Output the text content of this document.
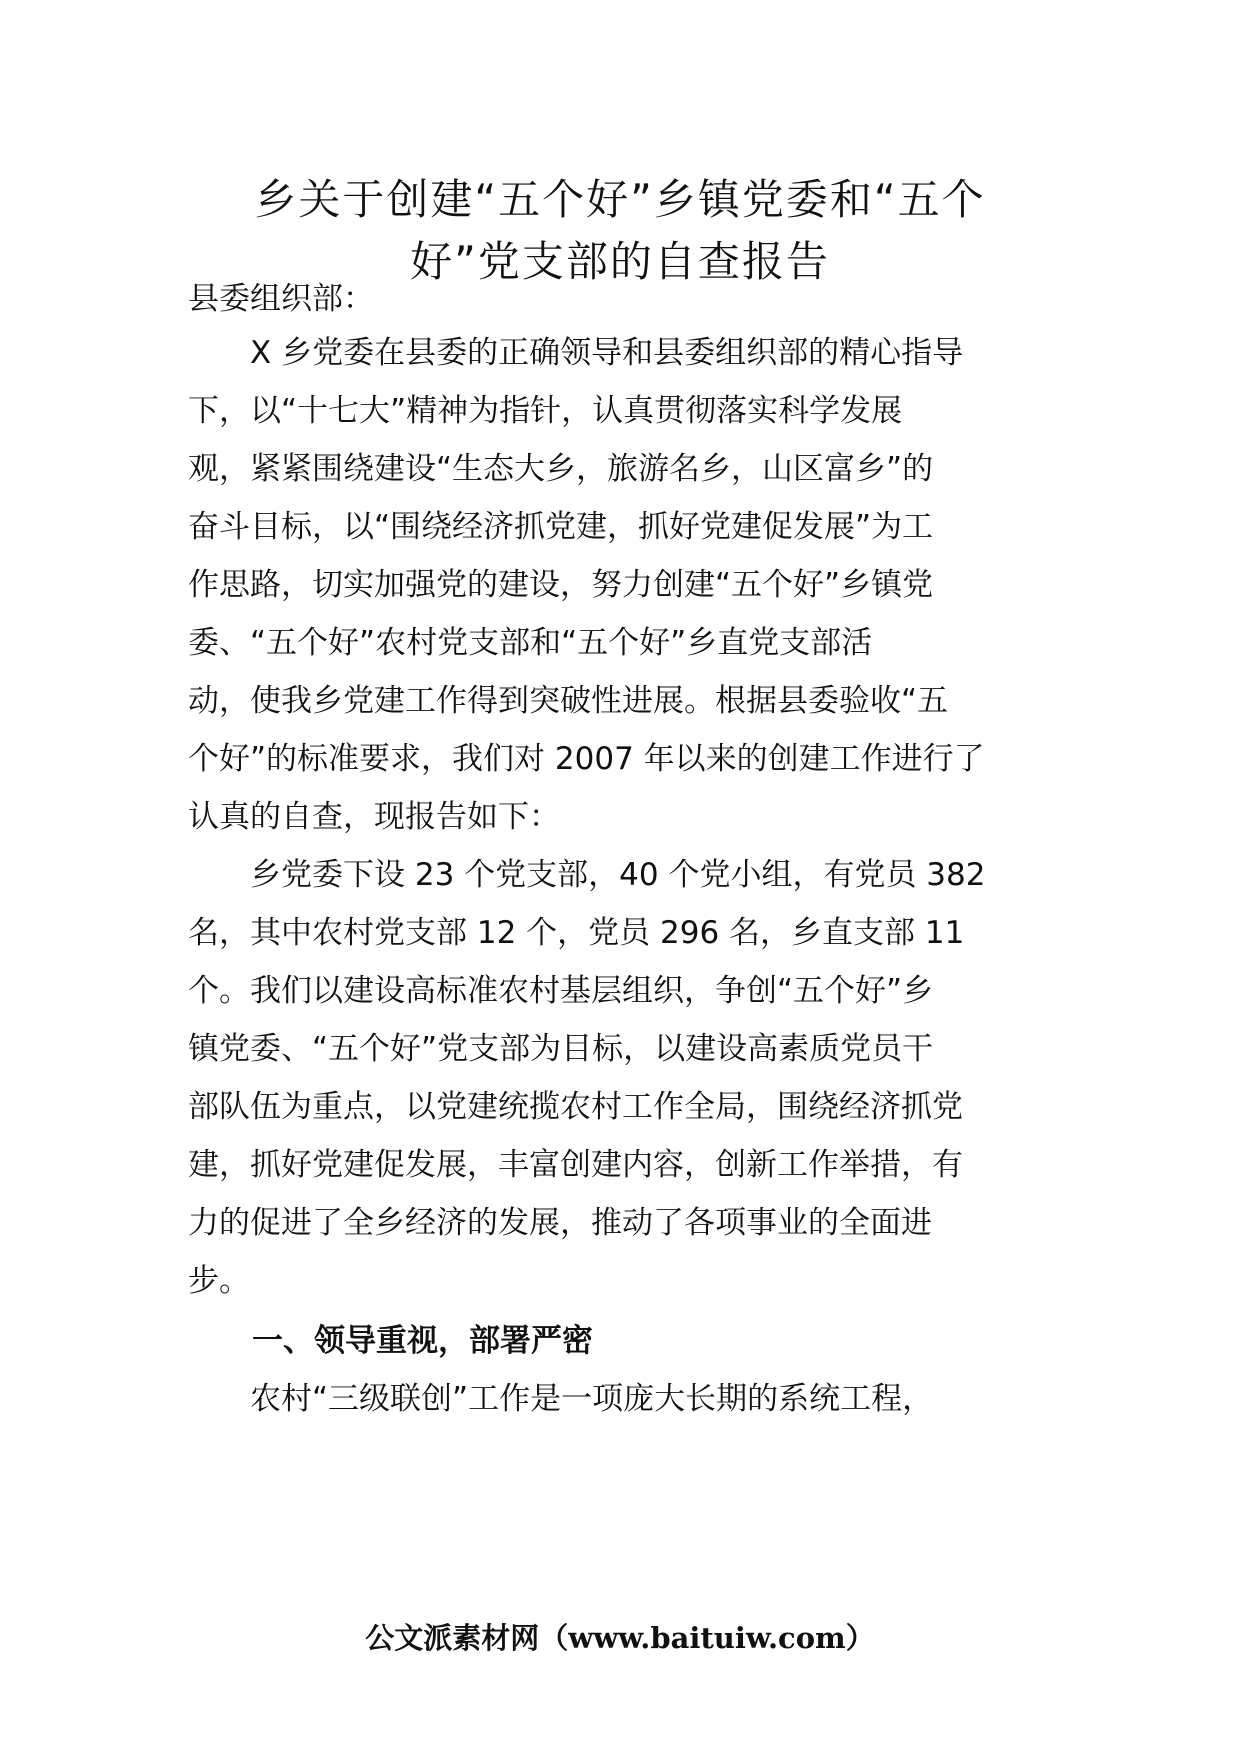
乡关于创建“五个好”乡镇党委和“五个
好”党支部的自查报告

县委组织部：

　　X 乡党委在县委的正确领导和县委组织部的精心指导

下，以“十七大”精神为指针，认真贯彻落实科学发展

观，紧紧围绕建设“生态大乡，旅游名乡，山区富乡”的

奋斗目标，以“围绕经济抓党建，抓好党建促发展”为工

作思路，切实加强党的建设，努力创建“五个好”乡镇党

委、“五个好”农村党支部和“五个好”乡直党支部活

动，使我乡党建工作得到突破性进展。根据县委验收“五

个好”的标准要求，我们对 2007 年以来的创建工作进行了

认真的自查，现报告如下：

　　乡党委下设 23 个党支部，40 个党小组，有党员 382

名，其中农村党支部 12 个，党员 296 名，乡直支部 11

个。我们以建设高标准农村基层组织，争创“五个好”乡

镇党委、“五个好”党支部为目标，以建设高素质党员干

部队伍为重点，以党建统揽农村工作全局，围绕经济抓党

建，抓好党建促发展，丰富创建内容，创新工作举措，有

力的促进了全乡经济的发展，推动了各项事业的全面进

步。

一、领导重视，部署严密

　　农村“三级联创”工作是一项庞大长期的系统工程，

公文派素材网（www.baituiw.com）
